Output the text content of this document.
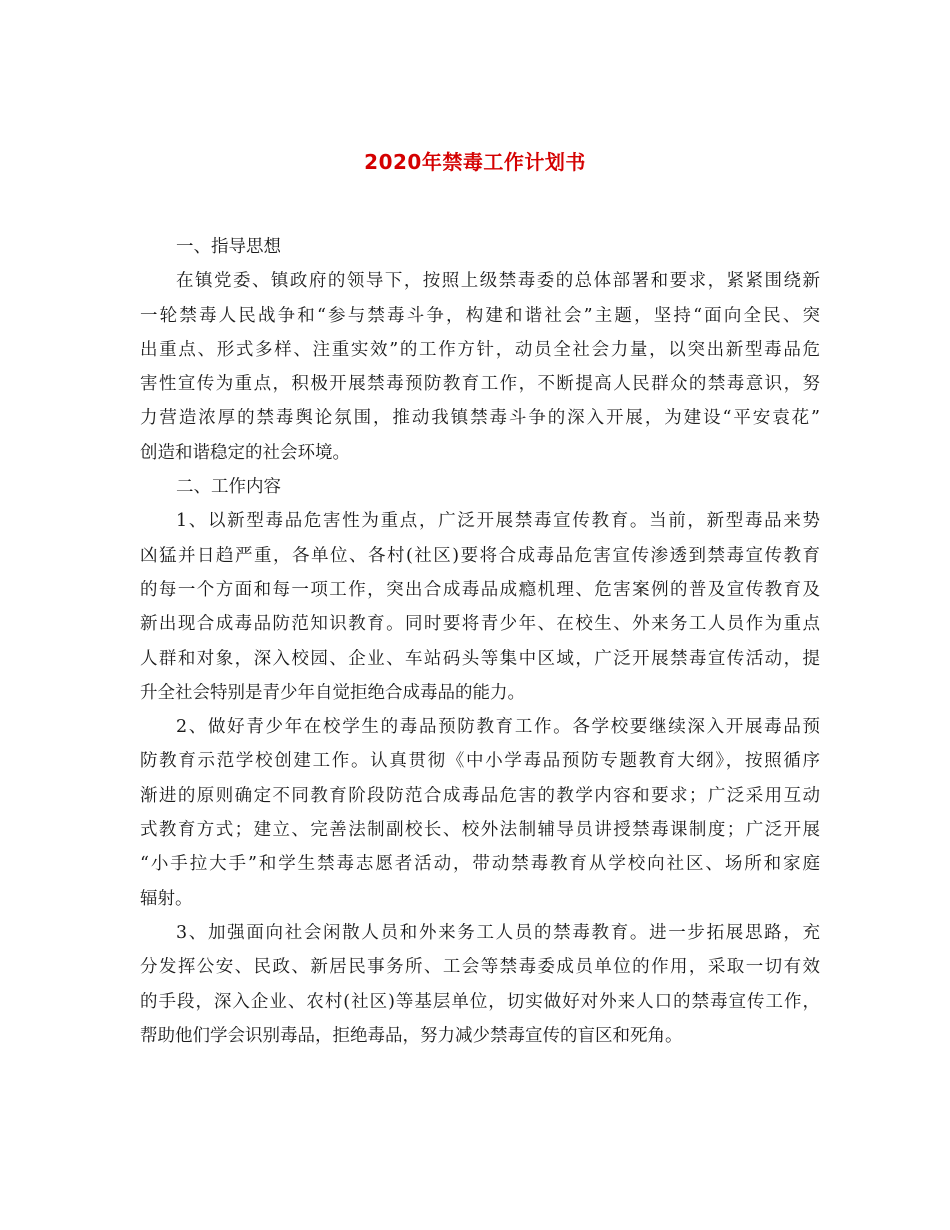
2020年禁毒工作计划书
一、指导思想
在镇党委、镇政府的领导下，按照上级禁毒委的总体部署和要求，紧紧围绕新
一轮禁毒人民战争和“参与禁毒斗争，构建和谐社会”主题，坚持“面向全民、突
出重点、形式多样、注重实效”的工作方针，动员全社会力量，以突出新型毒品危
害性宣传为重点，积极开展禁毒预防教育工作，不断提高人民群众的禁毒意识，努
力营造浓厚的禁毒舆论氛围，推动我镇禁毒斗争的深入开展，为建设“平安袁花”
创造和谐稳定的社会环境。
二、工作内容
1、以新型毒品危害性为重点，广泛开展禁毒宣传教育。当前，新型毒品来势
凶猛并日趋严重，各单位、各村(社区)要将合成毒品危害宣传渗透到禁毒宣传教育
的每一个方面和每一项工作，突出合成毒品成瘾机理、危害案例的普及宣传教育及
新出现合成毒品防范知识教育。同时要将青少年、在校生、外来务工人员作为重点
人群和对象，深入校园、企业、车站码头等集中区域，广泛开展禁毒宣传活动，提
升全社会特别是青少年自觉拒绝合成毒品的能力。
2、做好青少年在校学生的毒品预防教育工作。各学校要继续深入开展毒品预
防教育示范学校创建工作。认真贯彻《中小学毒品预防专题教育大纲》，按照循序
渐进的原则确定不同教育阶段防范合成毒品危害的教学内容和要求；广泛采用互动
式教育方式；建立、完善法制副校长、校外法制辅导员讲授禁毒课制度；广泛开展
“小手拉大手”和学生禁毒志愿者活动，带动禁毒教育从学校向社区、场所和家庭
辐射。
3、加强面向社会闲散人员和外来务工人员的禁毒教育。进一步拓展思路，充
分发挥公安、民政、新居民事务所、工会等禁毒委成员单位的作用，采取一切有效
的手段，深入企业、农村(社区)等基层单位，切实做好对外来人口的禁毒宣传工作，
帮助他们学会识别毒品，拒绝毒品，努力减少禁毒宣传的盲区和死角。
